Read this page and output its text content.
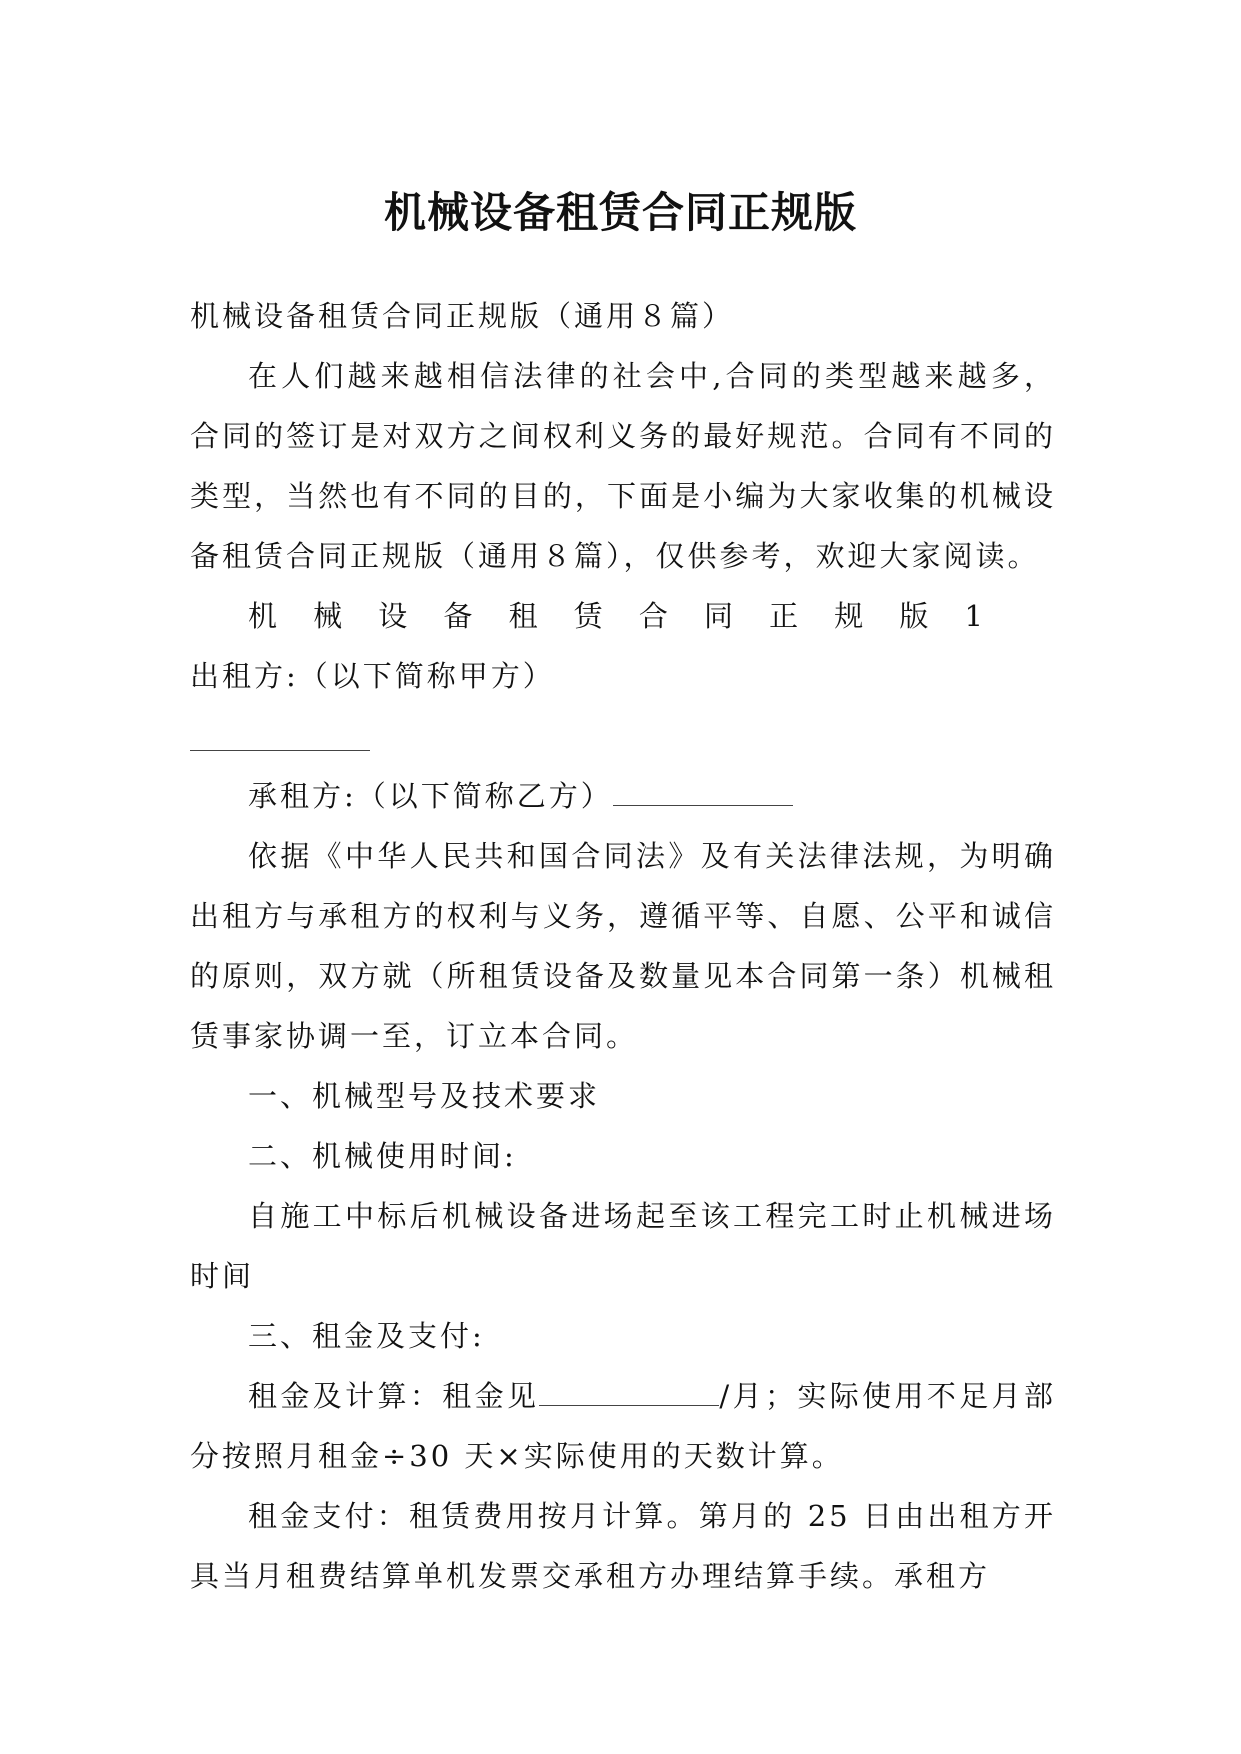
机械设备租赁合同正规版

机械设备租赁合同正规版（通用８篇）

在人们越来越相信法律的社会中,合同的类型越来越多，合同的签订是对双方之间权利义务的最好规范。合同有不同的类型，当然也有不同的目的，下面是小编为大家收集的机械设备租赁合同正规版（通用８篇），仅供参考，欢迎大家阅读。

机械设备租赁合同正规版1出租方:（以下简称甲方）

承租方:（以下简称乙方）

依据《中华人民共和国合同法》及有关法律法规，为明确出租方与承租方的权利与义务，遵循平等、自愿、公平和诚信的原则，双方就（所租赁设备及数量见本合同第一条）机械租赁事家协调一至，订立本合同。

一、机械型号及技术要求

二、机械使用时间:

自施工中标后机械设备进场起至该工程完工时止机械进场时间

三、租金及支付:

租金及计算：租金见	/月；实际使用不足月部分按照月租金÷30 天×实际使用的天数计算。

租金支付：租赁费用按月计算。第月的 25 日由出租方开具当月租费结算单机发票交承租方办理结算手续。承租方
